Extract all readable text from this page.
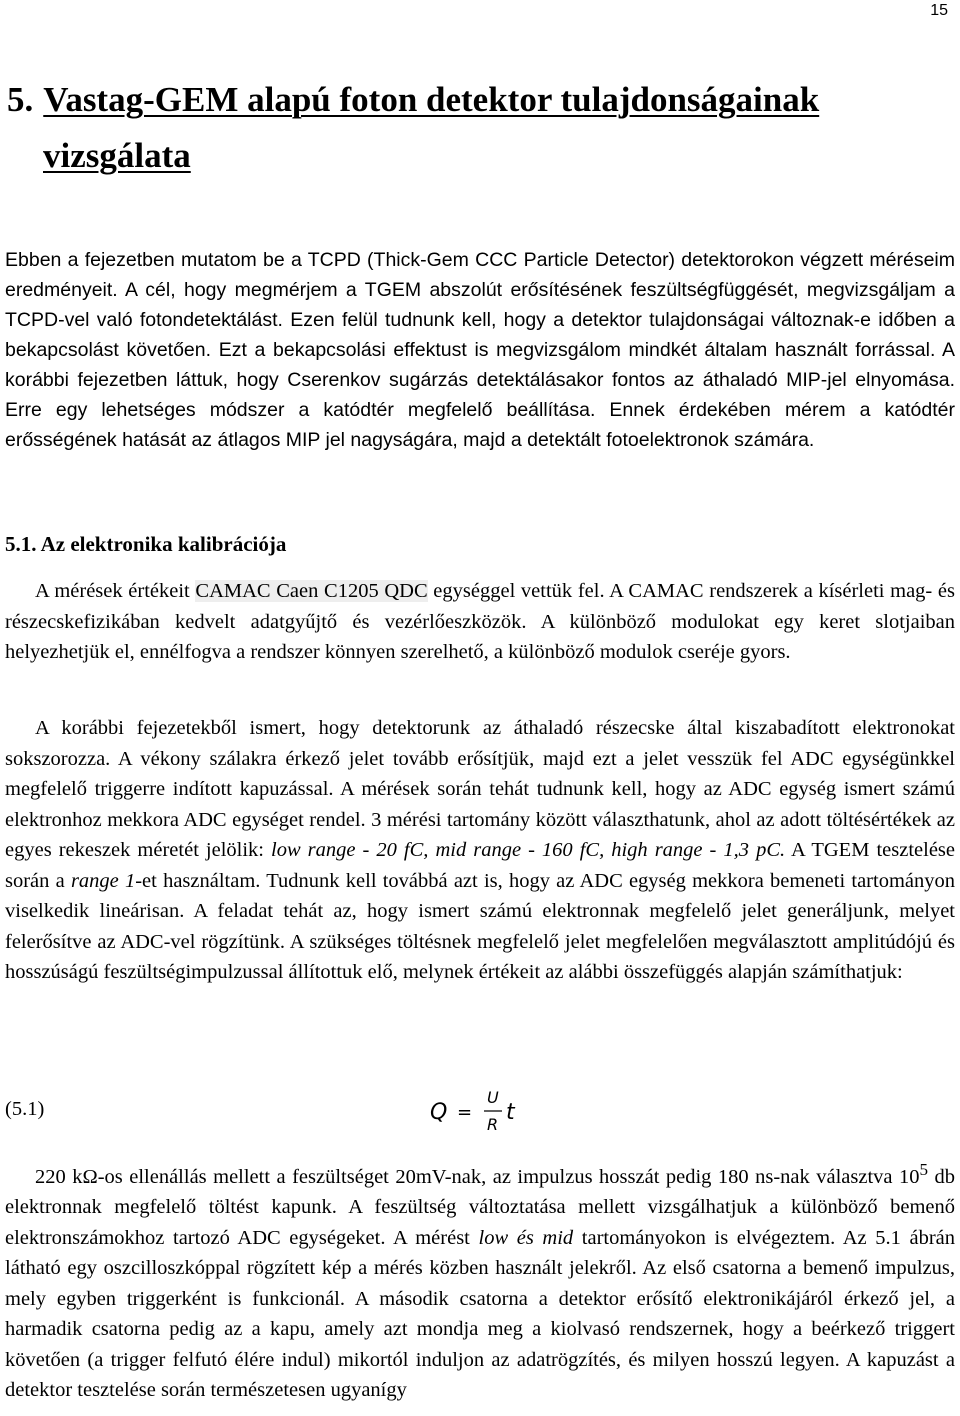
15
5. Vastag-GEM alapú foton detektor tulajdonságainak
vizsgálata

Ebben a fejezetben mutatom be a TCPD (Thick-Gem CCC Particle Detector) detektorokon végzett méréseim eredményeit. A cél, hogy megmérjem a TGEM abszolút erősítésének feszültségfüggését, megvizsgáljam a TCPD-vel való fotondetektálást. Ezen felül tudnunk kell, hogy a detektor tulajdonságai változnak-e időben a bekapcsolást követően. Ezt a bekapcsolási effektust is megvizsgálom mindkét általam használt forrással. A korábbi fejezetben láttuk, hogy Cserenkov sugárzás detektálásakor fontos az áthaladó MIP-jel elnyomása. Erre egy lehetséges módszer a katódtér megfelelő beállítása. Ennek érdekében mérem a katódtér erősségének hatását az átlagos MIP jel nagyságára, majd a detektált fotoelektronok számára.

5.1. Az elektronika kalibrációja

A mérések értékeit CAMAC Caen C1205 QDC egységgel vettük fel. A CAMAC rendszerek a kísérleti mag- és részecskefizikában kedvelt adatgyűjtő és vezérlőeszközök. A különböző modulokat egy keret slotjaiban helyezhetjük el, ennélfogva a rendszer könnyen szerelhető, a különböző modulok cseréje gyors.

A korábbi fejezetekből ismert, hogy detektorunk az áthaladó részecske által kiszabadított elektronokat sokszorozza. A vékony szálakra érkező jelet tovább erősítjük, majd ezt a jelet vesszük fel ADC egységünkkel megfelelő triggerre indított kapuzással. A mérések során tehát tudnunk kell, hogy az ADC egység ismert számú elektronhoz mekkora ADC egységet rendel. 3 mérési tartomány között választhatunk, ahol az adott töltésértékek az egyes rekeszek méretét jelölik: low range - 20 fC, mid range - 160 fC, high range - 1,3 pC. A TGEM tesztelése során a range 1-et használtam. Tudnunk kell továbbá azt is, hogy az ADC egység mekkora bemeneti tartományon viselkedik lineárisan. A feladat tehát az, hogy ismert számú elektronnak megfelelő jelet generáljunk, melyet felerősítve az ADC-vel rögzítünk. A szükséges töltésnek megfelelő jelet megfelelően megválasztott amplitúdójú és hosszúságú feszültségimpulzussal állítottuk elő, melynek értékeit az alábbi összefüggés alapján számíthatjuk:

(5.1)	Q =
U
R t

220 kΩ-os ellenállás mellett a feszültséget 20mV-nak, az impulzus hosszát pedig 180 ns-nak választva $10^5$ db elektronnak megfelelő töltést kapunk. A feszültség változtatása mellett vizsgálhatjuk a különböző bemenő elektronszámokhoz tartozó ADC egységeket. A mérést low és mid tartományokon is elvégeztem. Az 5.1 ábrán látható egy oszcilloszkóppal rögzített kép a mérés közben használt jelekről. Az első csatorna a bemenő impulzus, mely egyben triggerként is funkcionál. A második csatorna a detektor erősítő elektronikájáról érkező jel, a harmadik csatorna pedig az a kapu, amely azt mondja meg a kiolvasó rendszernek, hogy a beérkező triggert követően (a trigger felfutó élére indul) mikortól induljon az adatrögzítés, és milyen hosszú legyen. A kapuzást a detektor tesztelése során természetesen ugyanígy
